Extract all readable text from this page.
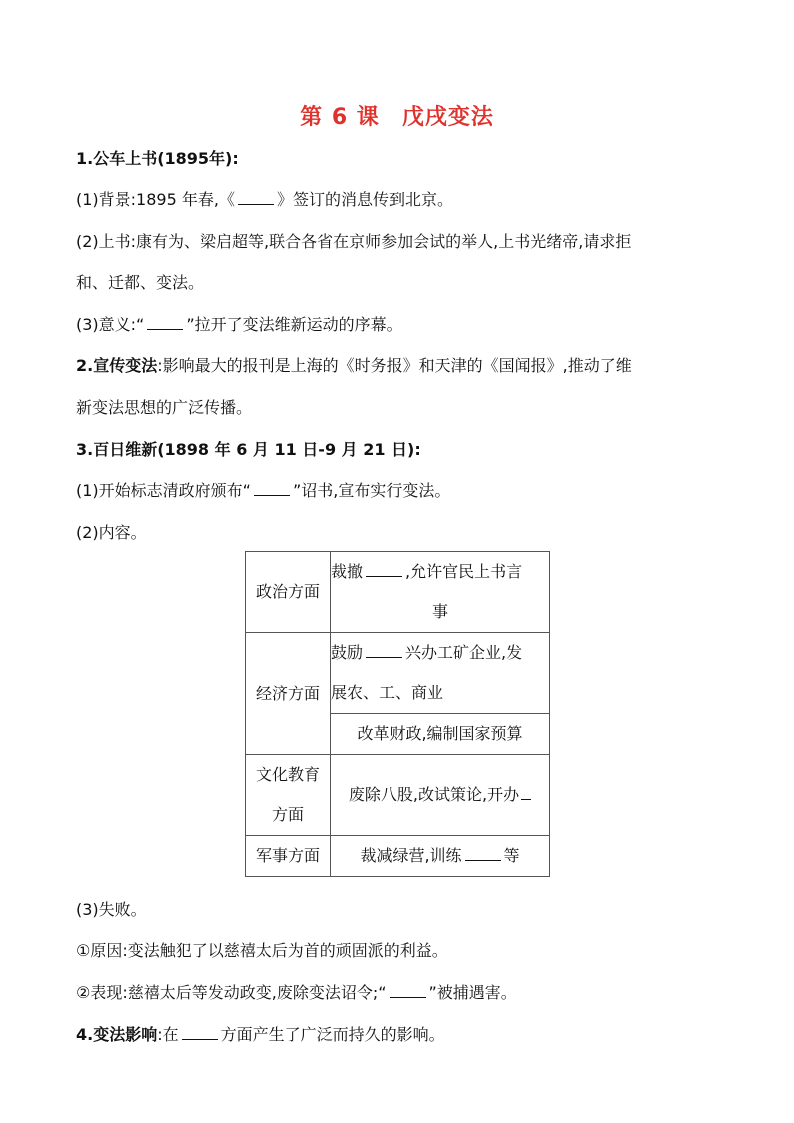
第 6 课 戊戌变法
1.公车上书(1895年):
(1)背景:1895 年春,《	》签订的消息传到北京。
(2)上书:康有为、梁启超等,联合各省在京师参加会试的举人,上书光绪帝,请求拒
和、迁都、变法。
(3)意义:“	”拉开了变法维新运动的序幕。
2.宣传变法:影响最大的报刊是上海的《时务报》和天津的《国闻报》,推动了维
新变法思想的广泛传播。
3.百日维新(1898 年 6 月 11 日-9 月 21 日):
(1)开始标志清政府颁布“	”诏书,宣布实行变法。
(2)内容。
政治方面	裁撤 ,允许官民上书言
事

经济方面	鼓励 兴办工矿企业,发
展农、工、商业

	改革财政,编制国家预算

文化教育
方面	废除八股,改试策论,开办
军事方面	裁减绿营,训练 等
(3)失败。
①原因:变法触犯了以慈禧太后为首的顽固派的利益。
②表现:慈禧太后等发动政变,废除变法诏令;“	”被捕遇害。
4.变法影响:在	方面产生了广泛而持久的影响。
